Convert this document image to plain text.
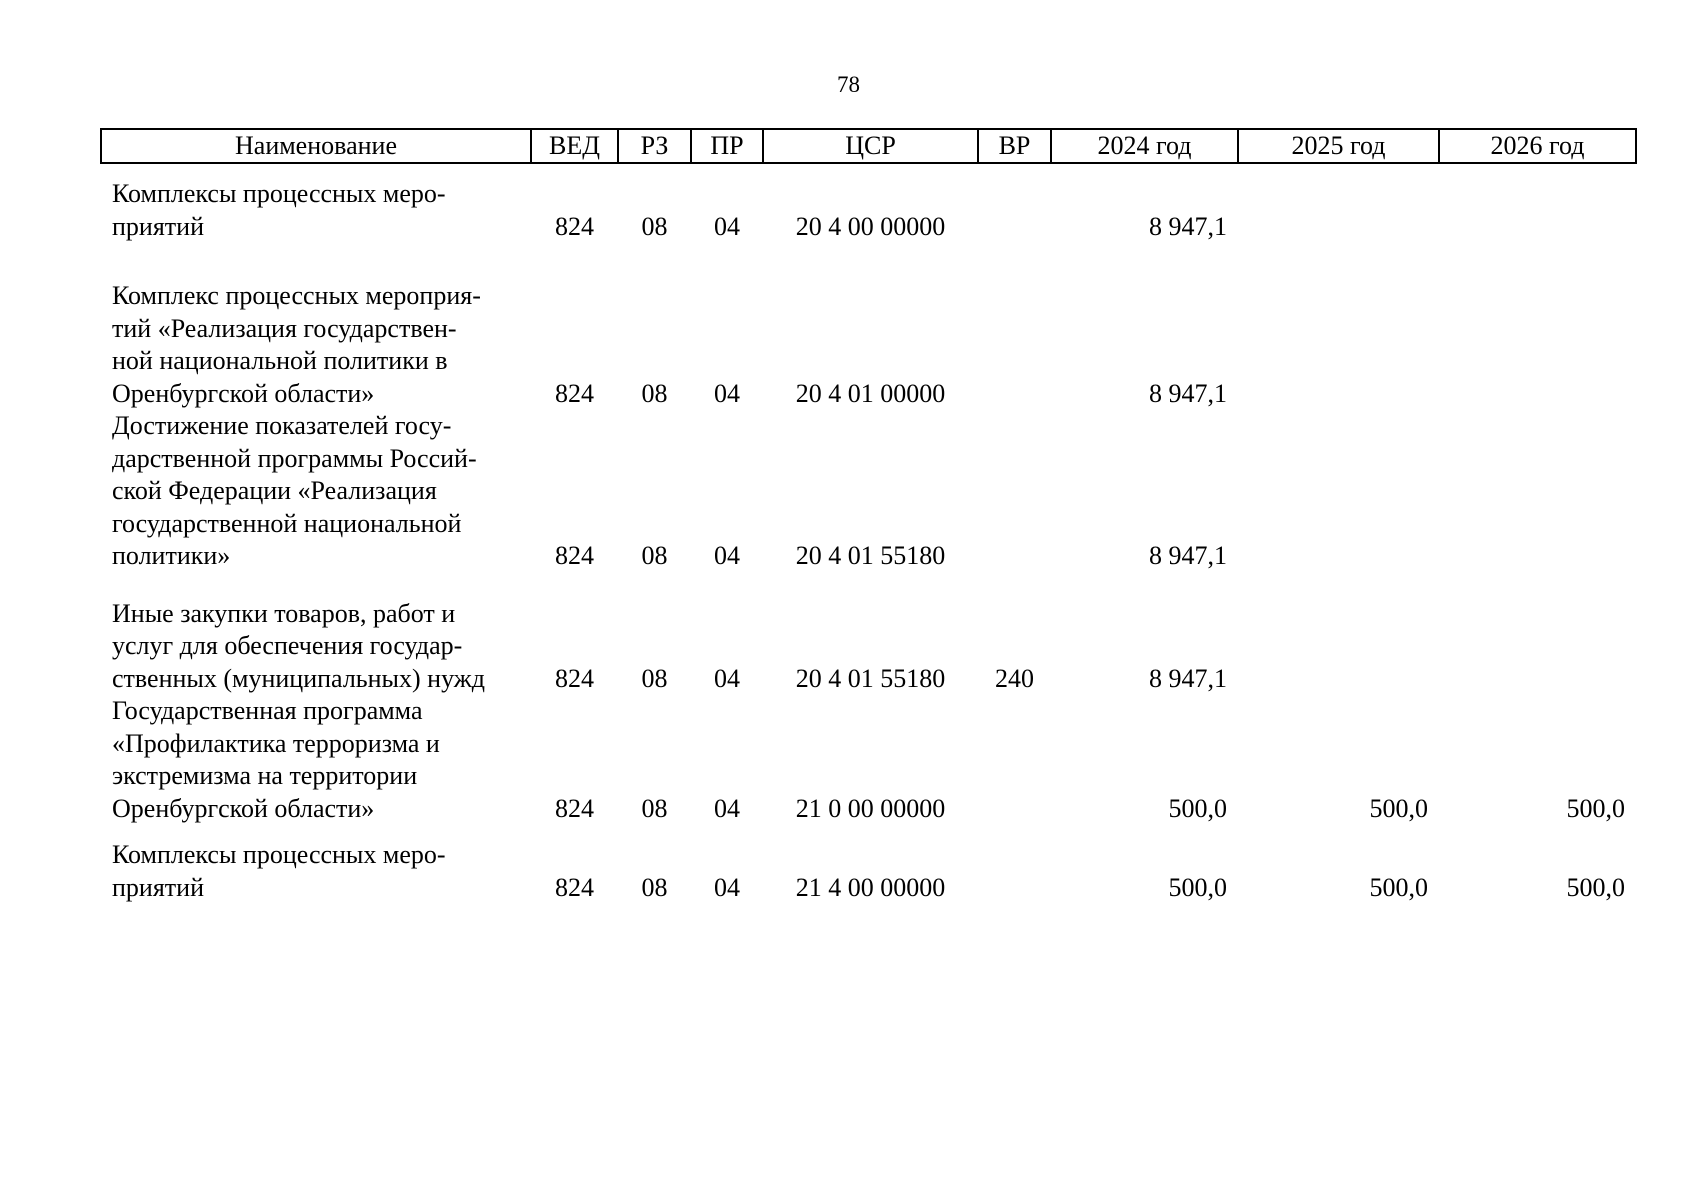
78
Наименование	ВЕД	РЗ	ПР	ЦСР	ВР	2024 год	2025 год	2026 год

Комплексы процессных меро-
приятий	824	08	04	20 4 00 00000		8 947,1		

Комплекс процессных мероприя-
тий «Реализация государствен-
ной национальной политики в
Оренбургской области»	824	08	04	20 4 01 00000		8 947,1		

Достижение показателей госу-
дарственной программы Россий-
ской Федерации «Реализация
государственной национальной
политики»	824	08	04	20 4 01 55180		8 947,1		

Иные закупки товаров, работ и
услуг для обеспечения государ-
ственных (муниципальных) нужд	824	08	04	20 4 01 55180	240	8 947,1		

Государственная программа
«Профилактика терроризма и
экстремизма на территории
Оренбургской области»	824	08	04	21 0 00 00000		500,0	500,0	500,0

Комплексы процессных меро-
приятий	824	08	04	21 4 00 00000		500,0	500,0	500,0
